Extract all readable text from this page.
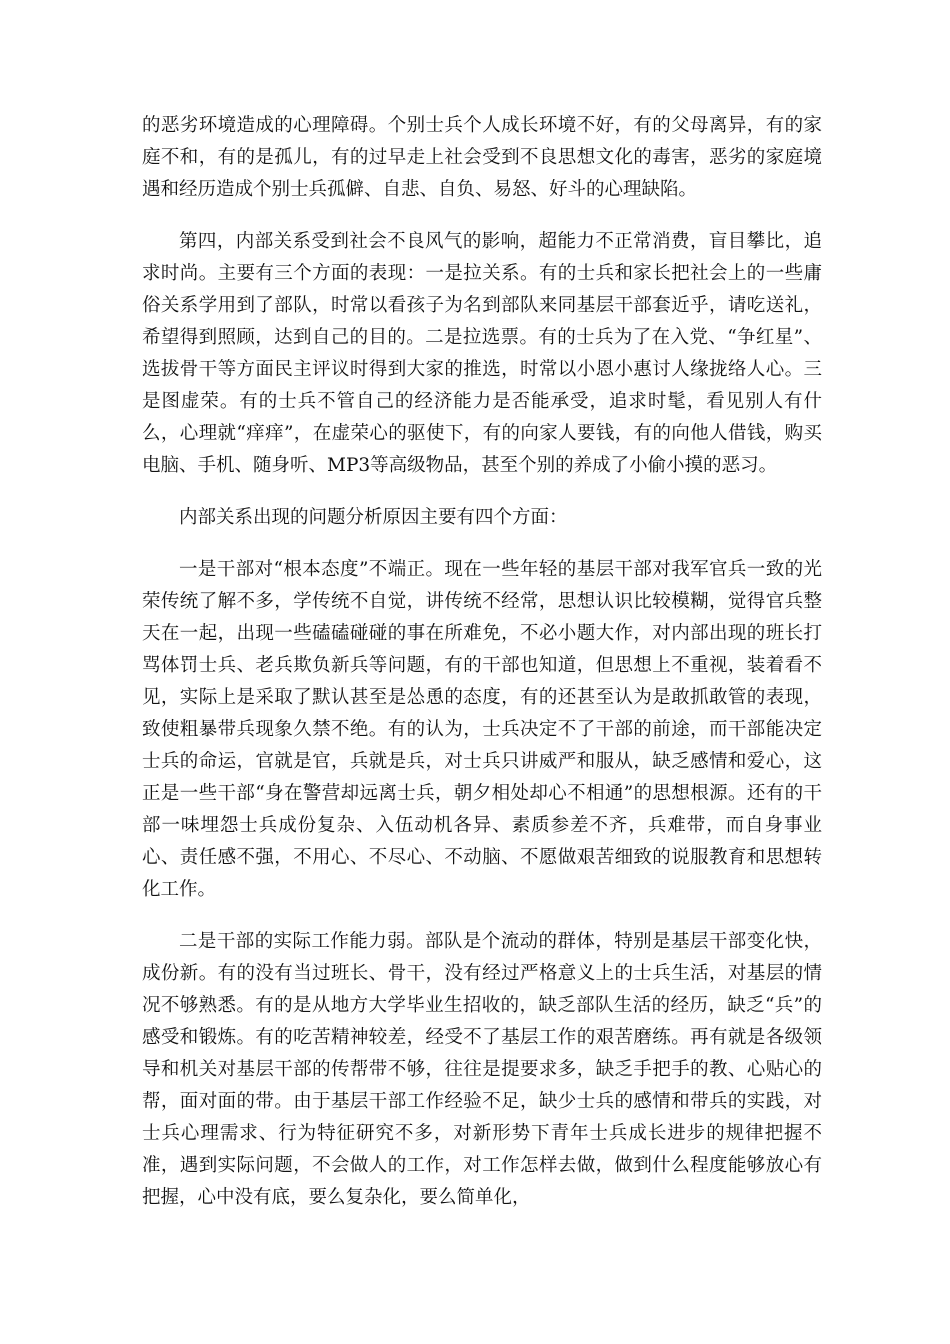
的恶劣环境造成的心理障碍。个别士兵个人成长环境不好，有的父母离异，有的家庭不和，有的是孤儿，有的过早走上社会受到不良思想文化的毒害，恶劣的家庭境遇和经历造成个别士兵孤僻、自悲、自负、易怒、好斗的心理缺陷。

第四，内部关系受到社会不良风气的影响，超能力不正常消费，盲目攀比，追求时尚。主要有三个方面的表现：一是拉关系。有的士兵和家长把社会上的一些庸俗关系学用到了部队，时常以看孩子为名到部队来同基层干部套近乎，请吃送礼，希望得到照顾，达到自己的目的。二是拉选票。有的士兵为了在入党、“争红星”、选拔骨干等方面民主评议时得到大家的推选，时常以小恩小惠讨人缘拢络人心。三是图虚荣。有的士兵不管自己的经济能力是否能承受，追求时髦，看见别人有什么，心理就“痒痒”，在虚荣心的驱使下，有的向家人要钱，有的向他人借钱，购买电脑、手机、随身听、MP3等高级物品，甚至个别的养成了小偷小摸的恶习。

内部关系出现的问题分析原因主要有四个方面：

一是干部对“根本态度”不端正。现在一些年轻的基层干部对我军官兵一致的光荣传统了解不多，学传统不自觉，讲传统不经常，思想认识比较模糊，觉得官兵整天在一起，出现一些磕磕碰碰的事在所难免，不必小题大作，对内部出现的班长打骂体罚士兵、老兵欺负新兵等问题，有的干部也知道，但思想上不重视，装着看不见，实际上是采取了默认甚至是怂恿的态度，有的还甚至认为是敢抓敢管的表现，致使粗暴带兵现象久禁不绝。有的认为，士兵决定不了干部的前途，而干部能决定士兵的命运，官就是官，兵就是兵，对士兵只讲威严和服从，缺乏感情和爱心，这正是一些干部“身在警营却远离士兵，朝夕相处却心不相通”的思想根源。还有的干部一味埋怨士兵成份复杂、入伍动机各异、素质参差不齐，兵难带，而自身事业心、责任感不强，不用心、不尽心、不动脑、不愿做艰苦细致的说服教育和思想转化工作。

二是干部的实际工作能力弱。部队是个流动的群体，特别是基层干部变化快，成份新。有的没有当过班长、骨干，没有经过严格意义上的士兵生活，对基层的情况不够熟悉。有的是从地方大学毕业生招收的，缺乏部队生活的经历，缺乏“兵”的感受和锻炼。有的吃苦精神较差，经受不了基层工作的艰苦磨练。再有就是各级领导和机关对基层干部的传帮带不够，往往是提要求多，缺乏手把手的教、心贴心的帮，面对面的带。由于基层干部工作经验不足，缺少士兵的感情和带兵的实践，对士兵心理需求、行为特征研究不多，对新形势下青年士兵成长进步的规律把握不准，遇到实际问题，不会做人的工作，对工作怎样去做，做到什么程度能够放心有把握，心中没有底，要么复杂化，要么简单化，
